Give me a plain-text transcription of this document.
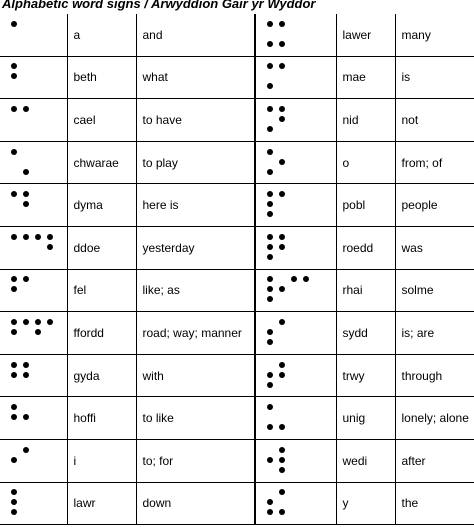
Alphabetic word signs / Arwyddion Gair yr Wyddor
	a	and		lawer	many

	beth	what		mae	is

	cael	to have		nid	not

	chwarae	to play		o	from; of

	dyma	here is		pobl	people

	ddoe	yesterday		roedd	was

	fel	like; as		rhai	solme

	ffordd	road; way; manner		sydd	is; are

	gyda	with		trwy	through

	hoffi	to like		unig	lonely; alone

	i	to; for		wedi	after

	lawr	down		y	the
